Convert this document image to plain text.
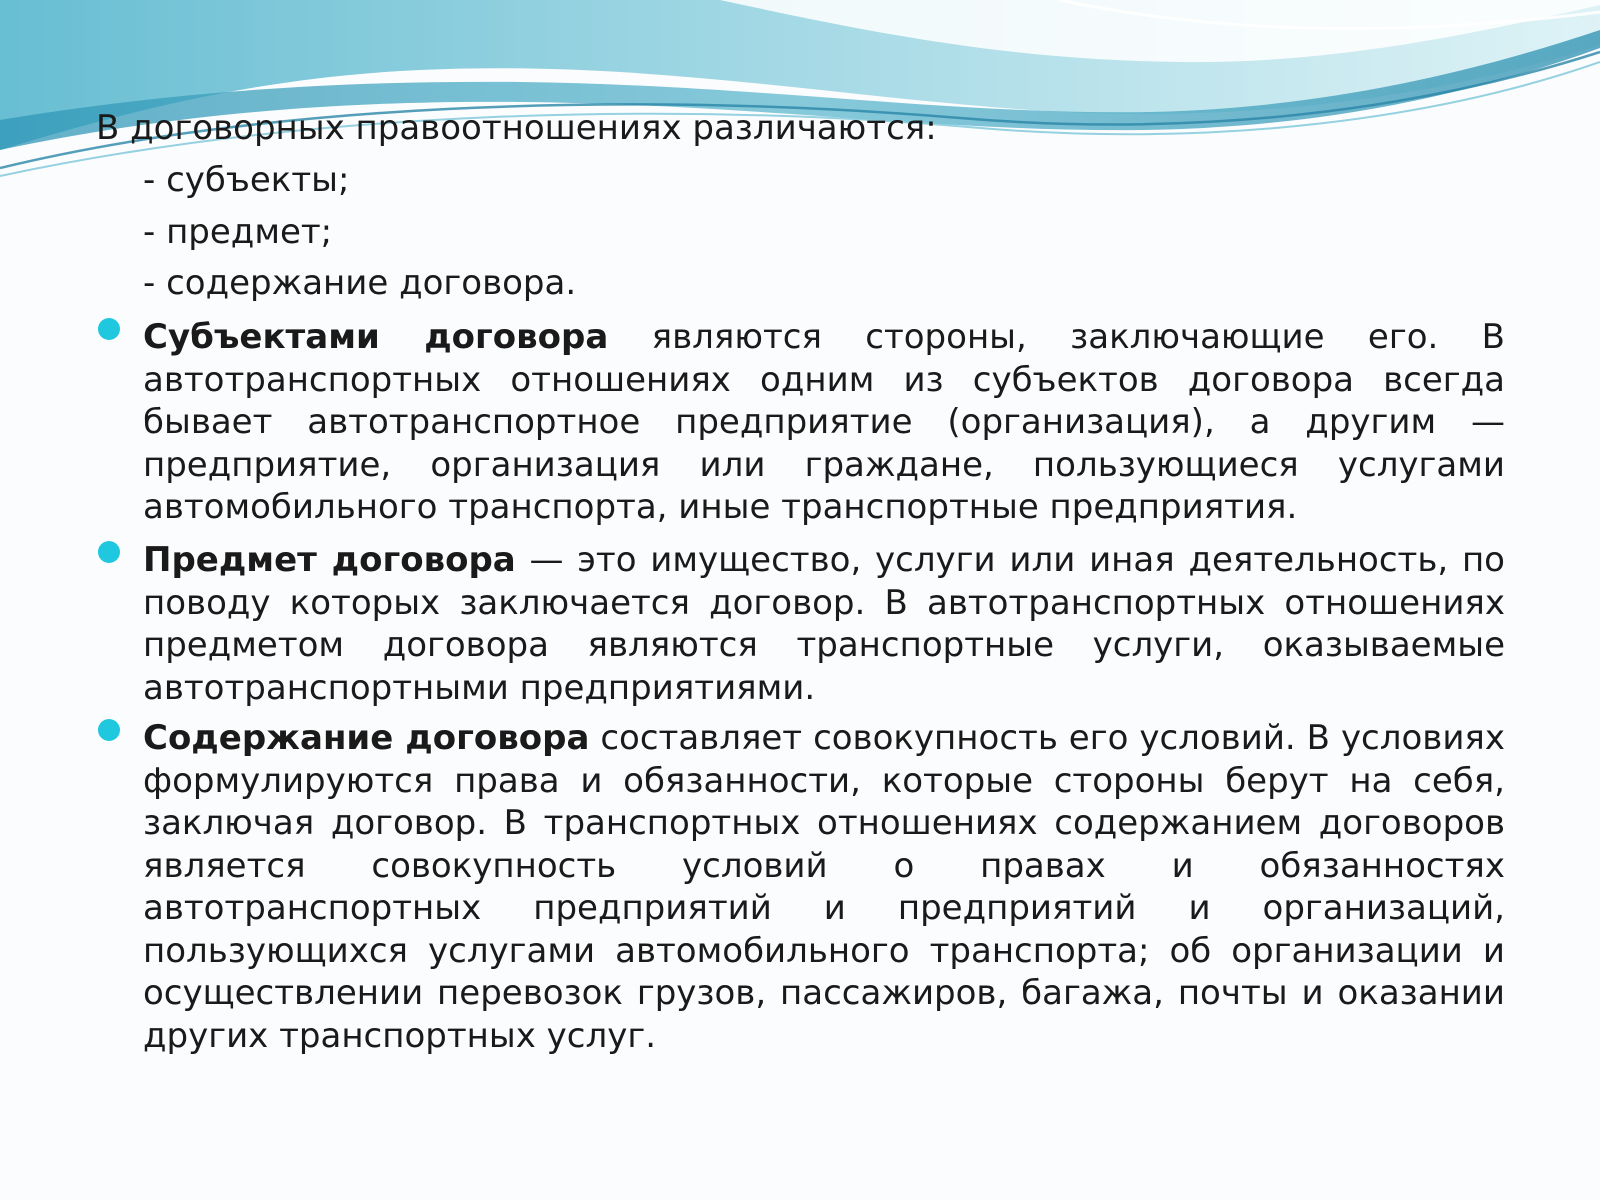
В договорных правоотношениях различаются:

- субъекты;

- предмет;

- содержание договора.

Субъектами договора являются стороны, заключающие его. В автотранспортных отношениях одним из субъектов договора всегда бывает автотранспортное предприятие (организация), а другим — предприятие, организация или граждане, пользующиеся услугами автомобильного транспорта, иные транспортные предприятия.

Предмет договора — это имущество, услуги или иная деятельность, по поводу которых заключается договор. В автотранспортных отношениях предметом договора являются транспортные услуги, оказываемые автотранспортными предприятиями.

Содержание договора составляет совокупность его условий. В условиях формулируются права и обязанности, которые стороны берут на себя, заключая договор. В транспортных отношениях содержанием договоров является совокупность условий о правах и обязанностях автотранспортных предприятий и предприятий и организаций, пользующихся услугами автомобильного транспорта; об организации и осуществлении перевозок грузов, пассажиров, багажа, почты и оказании других транспортных услуг.
